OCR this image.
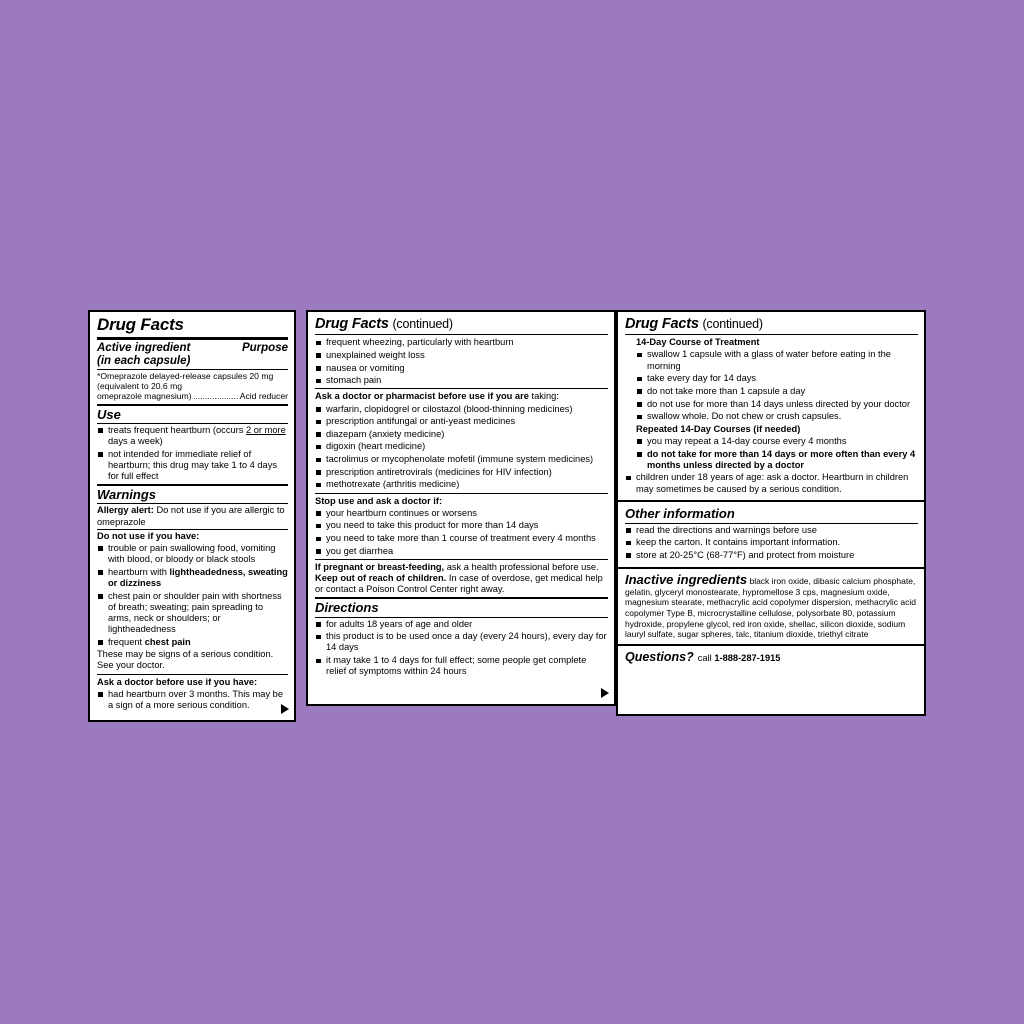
Drug Facts
Active ingredient
(in each capsule)
Purpose
*Omeprazole delayed-release capsules 20 mg
(equivalent to 20.6 mg
omeprazole magnesium) ................... Acid reducer
Use
treats frequent heartburn (occurs 2 or more
days a week)
not intended for immediate relief of heartburn; this drug may take 1 to 4 days for full effect
Warnings
Allergy alert: Do not use if you are allergic to omeprazole
Do not use if you have:
trouble or pain swallowing food, vomiting with blood, or bloody or black stools
heartburn with lightheadedness, sweating
or dizziness
chest pain or shoulder pain with shortness of breath; sweating; pain spreading to arms, neck or shoulders; or lightheadedness
frequent chest pain
These may be signs of a serious condition. See your doctor.
Ask a doctor before use if you have:
had heartburn over 3 months. This may be a sign of a more serious condition.
Drug Facts (continued)
frequent wheezing, particularly with heartburn
unexplained weight loss
nausea or vomiting
stomach pain
Ask a doctor or pharmacist before use if you are taking:
warfarin, clopidogrel or cilostazol (blood-thinning medicines)
prescription antifungal or anti-yeast medicines
diazepam (anxiety medicine)
digoxin (heart medicine)
tacrolimus or mycophenolate mofetil (immune system medicines)
prescription antiretrovirals (medicines for HIV infection)
methotrexate (arthritis medicine)
Stop use and ask a doctor if:
your heartburn continues or worsens
you need to take this product for more than 14 days
you need to take more than 1 course of treatment every 4 months
you get diarrhea
If pregnant or breast-feeding, ask a health professional before use.
Keep out of reach of children. In case of overdose, get medical help or contact a Poison Control Center right away.
Directions
for adults 18 years of age and older
this product is to be used once a day (every 24 hours), every day for 14 days
it may take 1 to 4 days for full effect; some people get complete relief of symptoms within 24 hours
Drug Facts (continued)
14-Day Course of Treatment
swallow 1 capsule with a glass of water before eating in the morning
take every day for 14 days
do not take more than 1 capsule a day
do not use for more than 14 days unless directed by your doctor
swallow whole. Do not chew or crush capsules.
Repeated 14-Day Courses (if needed)
you may repeat a 14-day course every 4 months
do not take for more than 14 days or more often than every 4 months unless directed by a doctor
children under 18 years of age: ask a doctor. Heartburn in children may sometimes be caused by a serious condition.
Other information
read the directions and warnings before use
keep the carton. It contains important information.
store at 20-25°C (68-77°F) and protect from moisture
Inactive ingredients black iron oxide, dibasic calcium phosphate, gelatin, glyceryl monostearate, hypromellose 3 cps, magnesium oxide, magnesium stearate, methacrylic acid copolymer dispersion, methacrylic acid copolymer Type B, microcrystalline cellulose, polysorbate 80, potassium hydroxide, propylene glycol, red iron oxide, shellac, silicon dioxide, sodium lauryl sulfate, sugar spheres, talc, titanium dioxide, triethyl citrate
Questions? call 1-888-287-1915
